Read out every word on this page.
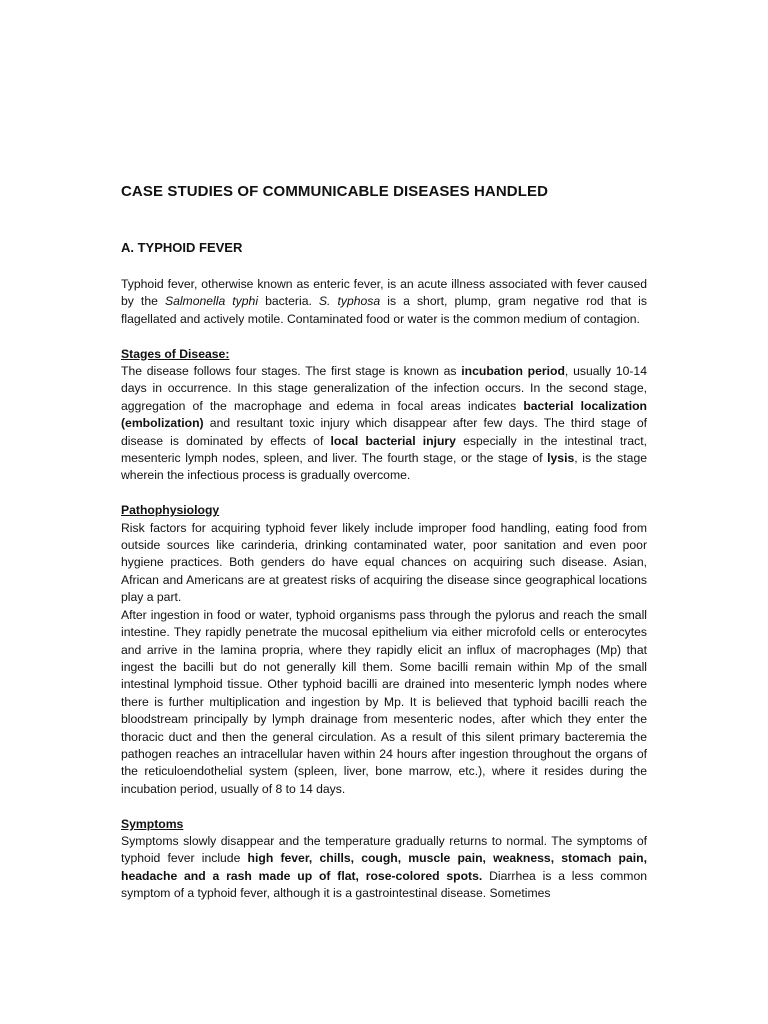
CASE STUDIES OF COMMUNICABLE DISEASES HANDLED
A. TYPHOID FEVER

Typhoid fever, otherwise known as enteric fever, is an acute illness associated with fever caused by the Salmonella typhi bacteria. S. typhosa is a short, plump, gram negative rod that is flagellated and actively motile. Contaminated food or water is the common medium of contagion.

Stages of Disease:

The disease follows four stages. The first stage is known as incubation period, usually 10-14 days in occurrence. In this stage generalization of the infection occurs. In the second stage, aggregation of the macrophage and edema in focal areas indicates bacterial localization (embolization) and resultant toxic injury which disappear after few days. The third stage of disease is dominated by effects of local bacterial injury especially in the intestinal tract, mesenteric lymph nodes, spleen, and liver. The fourth stage, or the stage of lysis, is the stage wherein the infectious process is gradually overcome.

Pathophysiology

Risk factors for acquiring typhoid fever likely include improper food handling, eating food from outside sources like carinderia, drinking contaminated water, poor sanitation and even poor hygiene practices. Both genders do have equal chances on acquiring such disease. Asian, African and Americans are at greatest risks of acquiring the disease since geographical locations play a part.

After ingestion in food or water, typhoid organisms pass through the pylorus and reach the small intestine. They rapidly penetrate the mucosal epithelium via either microfold cells or enterocytes and arrive in the lamina propria, where they rapidly elicit an influx of macrophages (Mp) that ingest the bacilli but do not generally kill them. Some bacilli remain within Mp of the small intestinal lymphoid tissue. Other typhoid bacilli are drained into mesenteric lymph nodes where there is further multiplication and ingestion by Mp. It is believed that typhoid bacilli reach the bloodstream principally by lymph drainage from mesenteric nodes, after which they enter the thoracic duct and then the general circulation. As a result of this silent primary bacteremia the pathogen reaches an intracellular haven within 24 hours after ingestion throughout the organs of the reticuloendothelial system (spleen, liver, bone marrow, etc.), where it resides during the incubation period, usually of 8 to 14 days.

Symptoms

Symptoms slowly disappear and the temperature gradually returns to normal. The symptoms of typhoid fever include high fever, chills, cough, muscle pain, weakness, stomach pain, headache and a rash made up of flat, rose-colored spots. Diarrhea is a less common symptom of a typhoid fever, although it is a gastrointestinal disease. Sometimes
